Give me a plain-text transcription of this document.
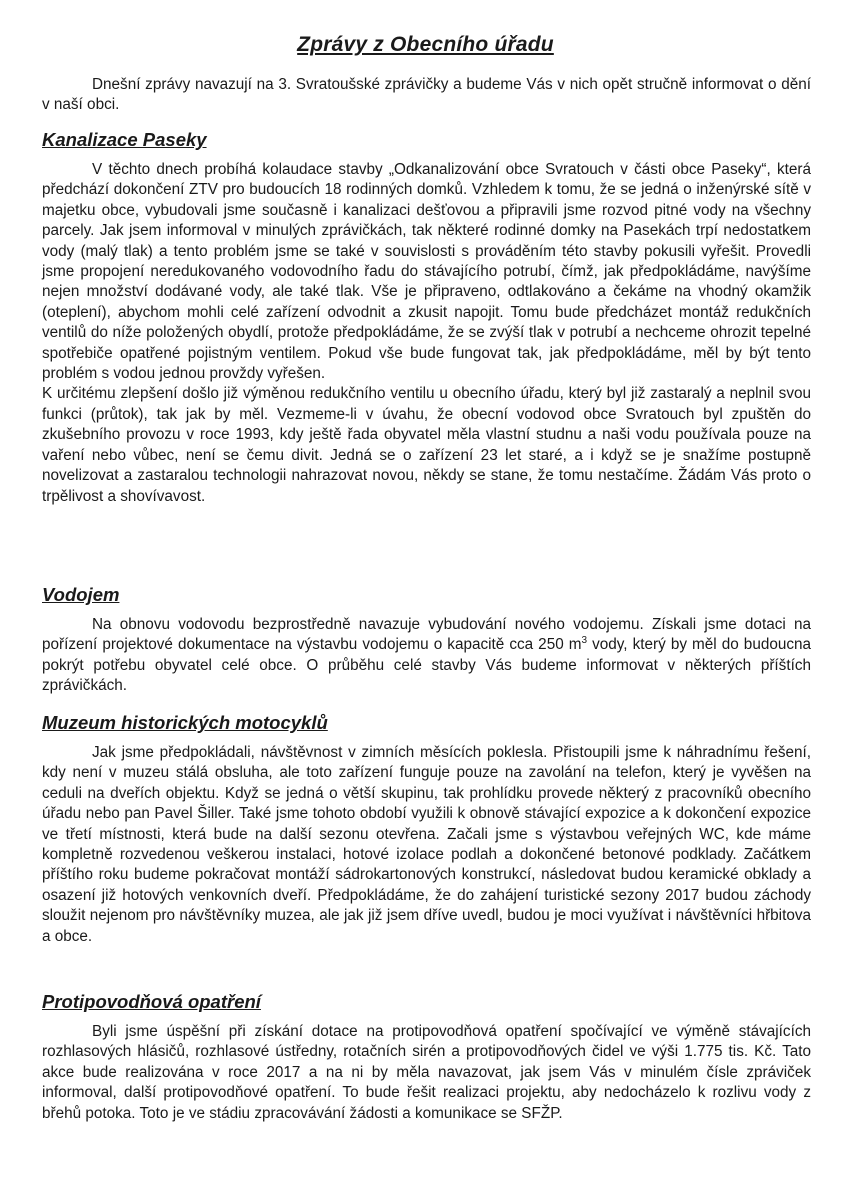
Zprávy z Obecního úřadu

Dnešní zprávy navazují na 3. Svratoušské zprávičky a budeme Vás v nich opět stručně informovat o dění v naší obci.

Kanalizace Paseky

V těchto dnech probíhá kolaudace stavby „Odkanalizování obce Svratouch v části obce Paseky“, která předchází dokončení ZTV pro budoucích 18 rodinných domků. Vzhledem k tomu, že se jedná o inženýrské sítě v majetku obce, vybudovali jsme současně i kanalizaci dešťovou a připravili jsme rozvod pitné vody na všechny parcely. Jak jsem informoval v minulých zprávičkách, tak některé rodinné domky na Pasekách trpí nedostatkem vody (malý tlak) a tento problém jsme se také v souvislosti s prováděním této stavby pokusili vyřešit. Provedli jsme propojení neredukovaného vodovodního řadu do stávajícího potrubí, čímž, jak předpokládáme, navýšíme nejen množství dodávané vody, ale také tlak. Vše je připraveno, odtlakováno a čekáme na vhodný okamžik (oteplení), abychom mohli celé zařízení odvodnit a zkusit napojit. Tomu bude předcházet montáž redukčních ventilů do níže položených obydlí, protože předpokládáme, že se zvýší tlak v potrubí a nechceme ohrozit tepelné spotřebiče opatřené pojistným ventilem. Pokud vše bude fungovat tak, jak předpokládáme, měl by být tento problém s vodou jednou provždy vyřešen.

K určitému zlepšení došlo již výměnou redukčního ventilu u obecního úřadu, který byl již zastaralý a neplnil svou funkci (průtok), tak jak by měl. Vezmeme-li v úvahu, že obecní vodovod obce Svratouch byl zpuštěn do zkušebního provozu v roce 1993, kdy ještě řada obyvatel měla vlastní studnu a naši vodu používala pouze na vaření nebo vůbec, není se čemu divit. Jedná se o zařízení 23 let staré, a i když se je snažíme postupně novelizovat a zastaralou technologii nahrazovat novou, někdy se stane, že tomu nestačíme. Žádám Vás proto o trpělivost a shovívavost.

Vodojem

Na obnovu vodovodu bezprostředně navazuje vybudování nového vodojemu. Získali jsme dotaci na pořízení projektové dokumentace na výstavbu vodojemu o kapacitě cca 250 $m^3$ vody, který by měl do budoucna pokrýt potřebu obyvatel celé obce. O průběhu celé stavby Vás budeme informovat v některých příštích zprávičkách.

Muzeum historických motocyklů

Jak jsme předpokládali, návštěvnost v zimních měsících poklesla. Přistoupili jsme k náhradnímu řešení, kdy není v muzeu stálá obsluha, ale toto zařízení funguje pouze na zavolání na telefon, který je vyvěšen na ceduli na dveřích objektu. Když se jedná o větší skupinu, tak prohlídku provede některý z pracovníků obecního úřadu nebo pan Pavel Šiller. Také jsme tohoto období využili k obnově stávající expozice a k dokončení expozice ve třetí místnosti, která bude na další sezonu otevřena. Začali jsme s výstavbou veřejných WC, kde máme kompletně rozvedenou veškerou instalaci, hotové izolace podlah a dokončené betonové podklady. Začátkem příštího roku budeme pokračovat montáží sádrokartonových konstrukcí, následovat budou keramické obklady a osazení již hotových venkovních dveří. Předpokládáme, že do zahájení turistické sezony 2017 budou záchody sloužit nejenom pro návštěvníky muzea, ale jak již jsem dříve uvedl, budou je moci využívat i návštěvníci hřbitova a obce.

Protipovodňová opatření

Byli jsme úspěšní při získání dotace na protipovodňová opatření spočívající ve výměně stávajících rozhlasových hlásičů, rozhlasové ústředny, rotačních sirén a protipovodňových čidel ve výši 1.775 tis. Kč. Tato akce bude realizována v roce 2017 a na ni by měla navazovat, jak jsem Vás v minulém čísle zpráviček informoval, další protipovodňové opatření. To bude řešit realizaci projektu, aby nedocházelo k rozlivu vody z břehů potoka. Toto je ve stádiu zpracovávání žádosti a komunikace se SFŽP.
